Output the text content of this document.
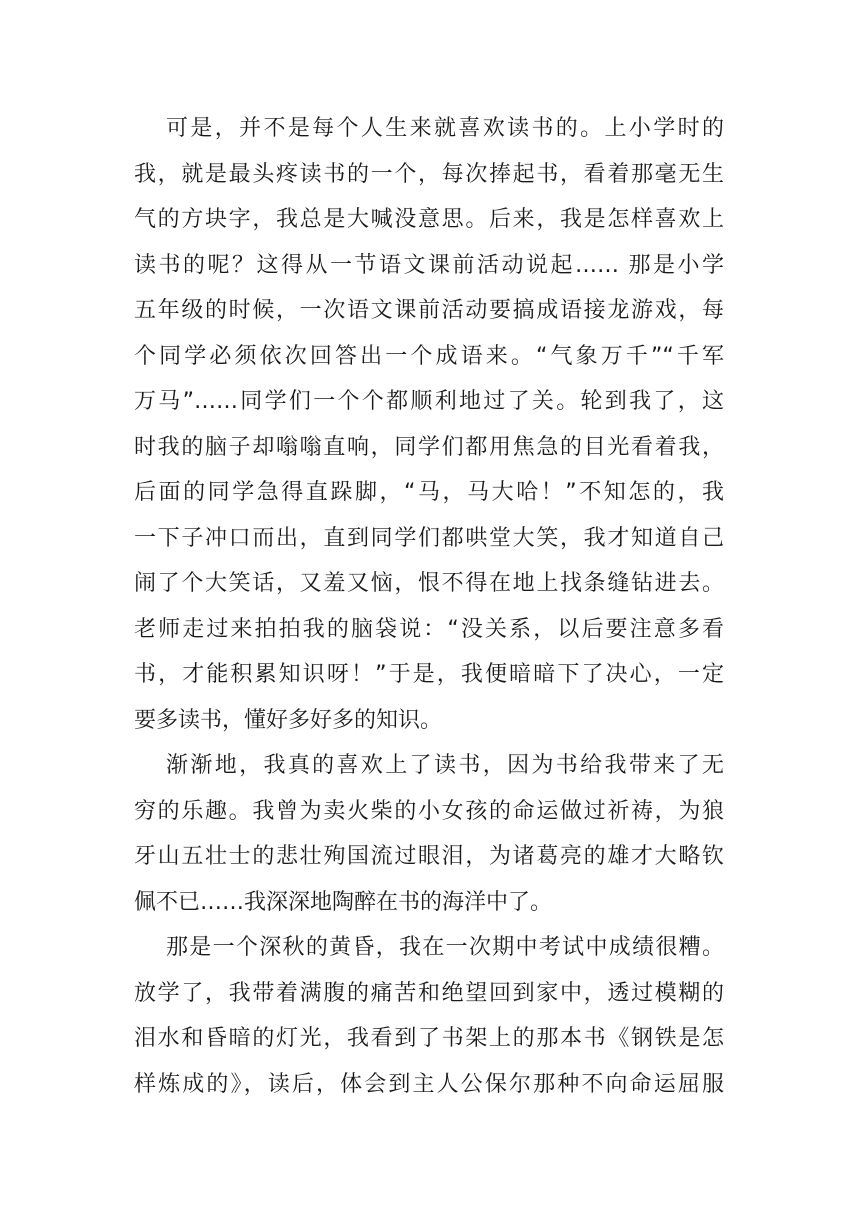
可是，并不是每个人生来就喜欢读书的。上小学时的
我，就是最头疼读书的一个，每次捧起书，看着那毫无生
气的方块字，我总是大喊没意思。后来，我是怎样喜欢上
读书的呢？这得从一节语文课前活动说起…… 那是小学
五年级的时候，一次语文课前活动要搞成语接龙游戏，每
个同学必须依次回答出一个成语来。“气象万千”“千军
万马”……同学们一个个都顺利地过了关。轮到我了，这
时我的脑子却嗡嗡直响，同学们都用焦急的目光看着我，
后面的同学急得直跺脚，“马，马大哈！”不知怎的，我
一下子冲口而出，直到同学们都哄堂大笑，我才知道自己
闹了个大笑话，又羞又恼，恨不得在地上找条缝钻进去。
老师走过来拍拍我的脑袋说：“没关系，以后要注意多看
书，才能积累知识呀！”于是，我便暗暗下了决心，一定
要多读书，懂好多好多的知识。
渐渐地，我真的喜欢上了读书，因为书给我带来了无
穷的乐趣。我曾为卖火柴的小女孩的命运做过祈祷，为狼
牙山五壮士的悲壮殉国流过眼泪，为诸葛亮的雄才大略钦
佩不已……我深深地陶醉在书的海洋中了。
那是一个深秋的黄昏，我在一次期中考试中成绩很糟。
放学了，我带着满腹的痛苦和绝望回到家中，透过模糊的
泪水和昏暗的灯光，我看到了书架上的那本书《钢铁是怎
样炼成的》，读后，体会到主人公保尔那种不向命运屈服
